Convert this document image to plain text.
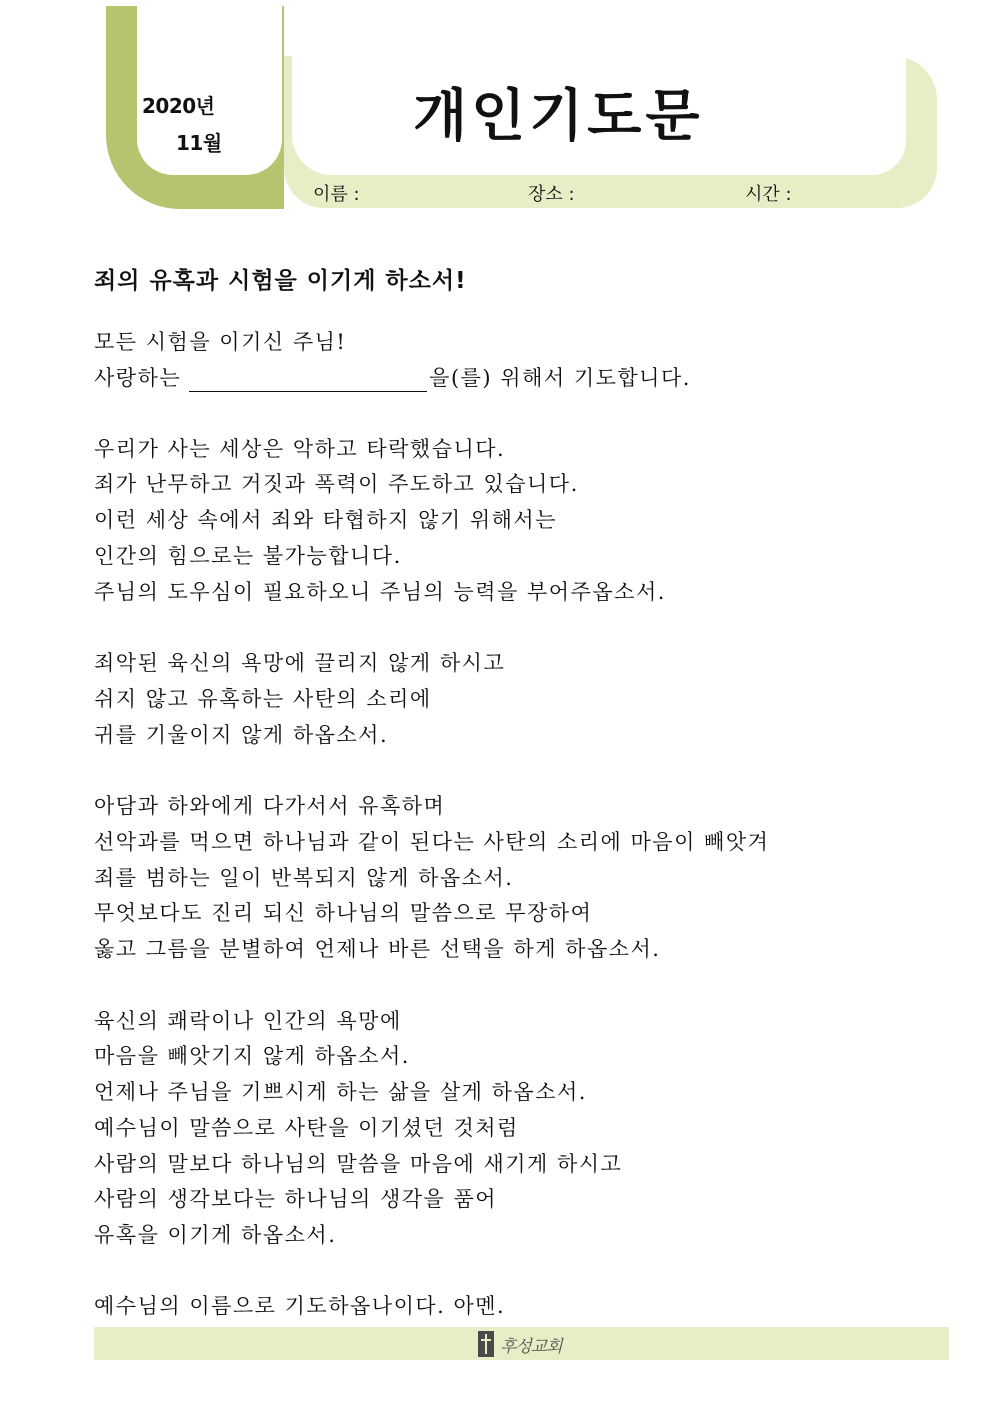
2020년
11월	개인기도문
이름 :	장소 :	시간 :
죄의 유혹과 시험을 이기게 하소서!
모든 시험을 이기신 주님!
사랑하는	을(를) 위해서 기도합니다.
우리가 사는 세상은 악하고 타락했습니다.
죄가 난무하고 거짓과 폭력이 주도하고 있습니다.
이런 세상 속에서 죄와 타협하지 않기 위해서는
인간의 힘으로는 불가능합니다.
주님의 도우심이 필요하오니 주님의 능력을 부어주옵소서.
죄악된 육신의 욕망에 끌리지 않게 하시고
쉬지 않고 유혹하는 사탄의 소리에
귀를 기울이지 않게 하옵소서.
아담과 하와에게 다가서서 유혹하며
선악과를 먹으면 하나님과 같이 된다는 사탄의 소리에 마음이 빼앗겨
죄를 범하는 일이 반복되지 않게 하옵소서.
무엇보다도 진리 되신 하나님의 말씀으로 무장하여
옳고 그름을 분별하여 언제나 바른 선택을 하게 하옵소서.
육신의 쾌락이나 인간의 욕망에
마음을 빼앗기지 않게 하옵소서.
언제나 주님을 기쁘시게 하는 삶을 살게 하옵소서.
예수님이 말씀으로 사탄을 이기셨던 것처럼
사람의 말보다 하나님의 말씀을 마음에 새기게 하시고
사람의 생각보다는 하나님의 생각을 품어
유혹을 이기게 하옵소서.
예수님의 이름으로 기도하옵나이다. 아멘.
후성교회
